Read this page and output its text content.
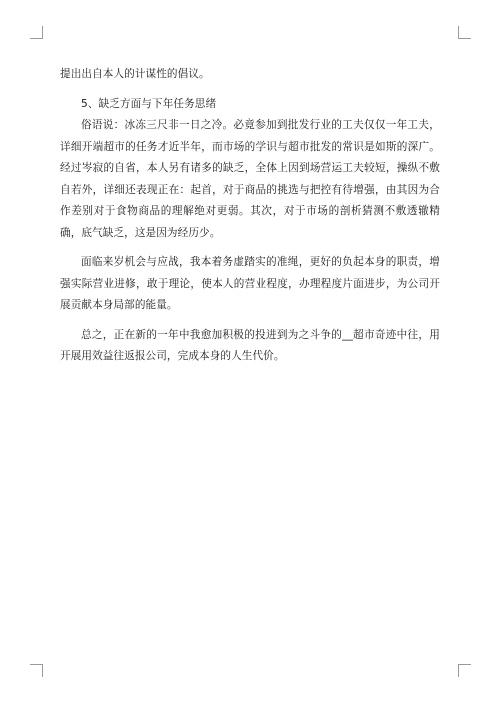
提出出自本人的计谋性的倡议。

5、缺乏方面与下年任务思绪

俗语说：冰冻三尺非一日之冷。必竟参加到批发行业的工夫仅仅一年工夫，详细开端超市的任务才近半年，而市场的学识与超市批发的常识是如斯的深广。经过岑寂的自省，本人另有诸多的缺乏，全体上因到场营运工夫较短，操纵不敷自若外，详细还表现正在：起首，对于商品的挑选与把控有待增强，由其因为合作差别对于食物商品的理解绝对更弱。其次，对于市场的剖析猜测不敷透辙精确，底气缺乏，这是因为经历少。

面临来岁机会与应战，我本着务虚踏实的准绳，更好的负起本身的职责，增强实际营业进修，敢于理论，使本人的营业程度，办理程度片面进步，为公司开展贡献本身局部的能量。

总之，正在新的一年中我愈加积极的投进到为之斗争的__超市奇迹中往，用开展用效益往返报公司，完成本身的人生代价。
